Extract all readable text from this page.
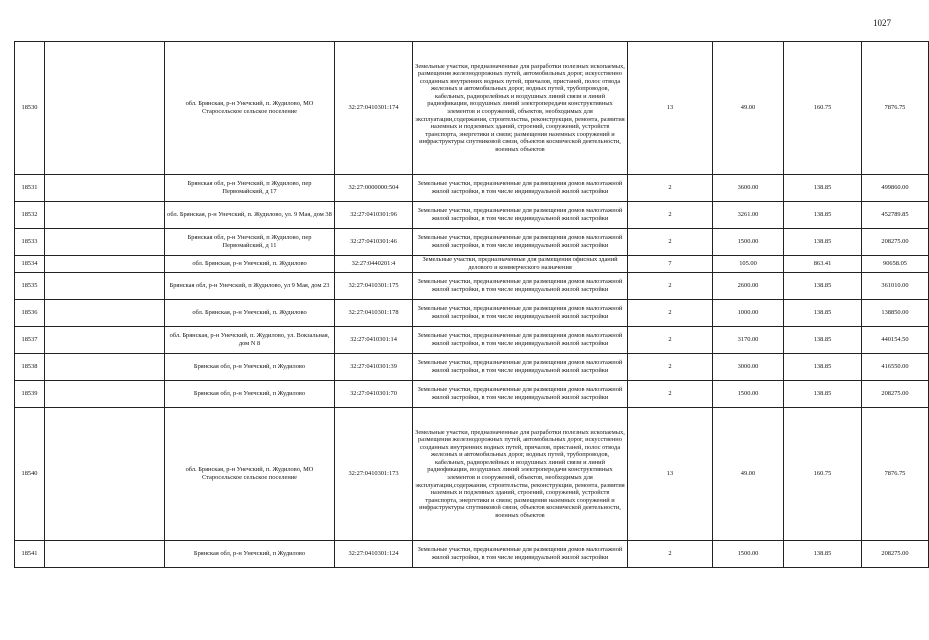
1027
18530		обл. Брянская, р-н Унечский, п. Жудилово, МО Старосельское сельское поселение	32:27:0410301:174	Земельные участки, предназначенные для разработки полезных ископаемых, размещения железнодорожных путей, автомобильных дорог, искусственно созданных внутренних водных путей, причалов, пристаней, полос отвода железных и автомобильных дорог, водных путей, трубопроводов, кабельных, радиорелейных и воздушных линий связи и линий радиофикации, воздушных линий электропередачи конструктивных элементов и сооружений, объектов, необходимых для эксплуатации,содержания, строительства, реконструкции, ремонта, развития наземных и подземных зданий, строений, сооружений, устройств транспорта, энергетики и связи; размещения наземных сооружений и инфраструктуры спутниковой связи, объектов космической деятельности, военных объектов	13	49.00	160.75	7876.75
18531		Брянская обл, р-н Унечский, п Жудилово, пер Первомайский, д 17	32:27:0000000:504	Земельные участки, предназначенные для размещения домов малоэтажной жилой застройки, в том числе индивидуальной жилой застройки	2	3600.00	138.85	499860.00
18532		обл. Брянская, р-н Унечский, п. Жудилово, ул. 9 Мая, дом 38	32:27:0410301:96	Земельные участки, предназначенные для размещения домов малоэтажной жилой застройки, в том числе индивидуальной жилой застройки	2	3261.00	138.85	452789.85
18533		Брянская обл, р-н Унечский, п Жудилово, пер Первомайский, д 11	32:27:0410301:46	Земельные участки, предназначенные для размещения домов малоэтажной жилой застройки, в том числе индивидуальной жилой застройки	2	1500.00	138.85	208275.00
18534		обл. Брянская, р-н Унечский, п. Жудилово	32:27:0440201:4	Земельные участки, предназначенные для размещения офисных зданий делового и коммерческого назначения	7	105.00	863.41	90658.05
18535		Брянская обл, р-н Унечский, п Жудилово, ул 9 Мая, дом 23	32:27:0410301:175	Земельные участки, предназначенные для размещения домов малоэтажной жилой застройки, в том числе индивидуальной жилой застройки	2	2600.00	138.85	361010.00
18536		обл. Брянская, р-н Унечский, п. Жудилово	32:27:0410301:178	Земельные участки, предназначенные для размещения домов малоэтажной жилой застройки, в том числе индивидуальной жилой застройки	2	1000.00	138.85	138850.00
18537		обл. Брянская, р-н Унечский, п. Жудилово, ул. Вокзальная, дом N 8	32:27:0410301:14	Земельные участки, предназначенные для размещения домов малоэтажной жилой застройки, в том числе индивидуальной жилой застройки	2	3170.00	138.85	440154.50
18538		Брянская обл, р-н Унечский, п Жудилово	32:27:0410301:39	Земельные участки, предназначенные для размещения домов малоэтажной жилой застройки, в том числе индивидуальной жилой застройки	2	3000.00	138.85	416550.00
18539		Брянская обл, р-н Унечский, п Жудилово	32:27:0410301:70	Земельные участки, предназначенные для размещения домов малоэтажной жилой застройки, в том числе индивидуальной жилой застройки	2	1500.00	138.85	208275.00
18540		обл. Брянская, р-н Унечский, п. Жудилово, МО Старосельское сельское поселение	32:27:0410301:173	Земельные участки, предназначенные для разработки полезных ископаемых, размещения железнодорожных путей, автомобильных дорог, искусственно созданных внутренних водных путей, причалов, пристаней, полос отвода железных и автомобильных дорог, водных путей, трубопроводов, кабельных, радиорелейных и воздушных линий связи и линий радиофикации, воздушных линий электропередачи конструктивных элементов и сооружений, объектов, необходимых для эксплуатации,содержания, строительства, реконструкции, ремонта, развития наземных и подземных зданий, строений, сооружений, устройств транспорта, энергетики и связи; размещения наземных сооружений и инфраструктуры спутниковой связи, объектов космической деятельности, военных объектов	13	49.00	160.75	7876.75
18541		Брянская обл, р-н Унечский, п Жудилово	32:27:0410301:124	Земельные участки, предназначенные для размещения домов малоэтажной жилой застройки, в том числе индивидуальной жилой застройки	2	1500.00	138.85	208275.00
